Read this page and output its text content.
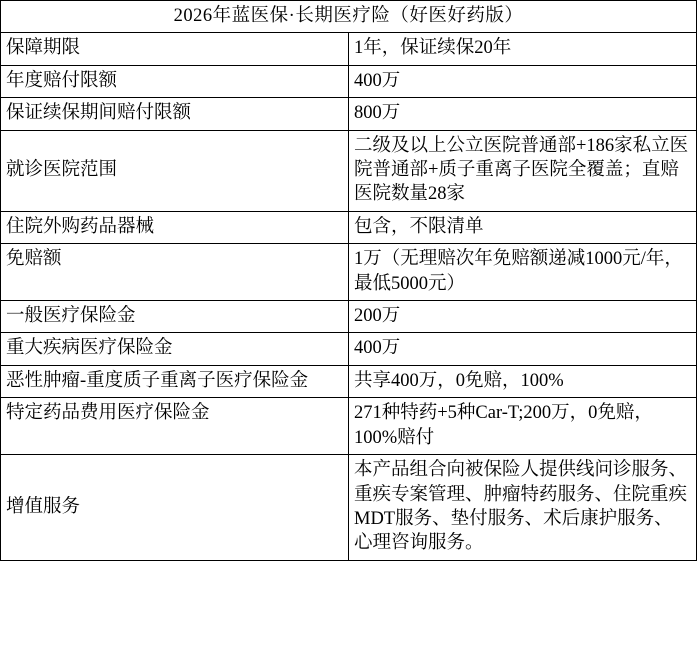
2026年蓝医保·长期医疗险（好医好药版）	
保障期限	1年，保证续保20年
年度赔付限额	400万
保证续保期间赔付限额	800万
就诊医院范围	二级及以上公立医院普通部+186家私立医院普通部+质子重离子医院全覆盖；直赔医院数量28家
住院外购药品器械	包含，不限清单
免赔额	1万（无理赔次年免赔额递减1000元/年，最低5000元）
一般医疗保险金	200万
重大疾病医疗保险金	400万
恶性肿瘤-重度质子重离子医疗保险金	共享400万，0免赔，100%
特定药品费用医疗保险金	271种特药+5种Car-T;200万，0免赔，100%赔付
增值服务	本产品组合向被保险人提供线问诊服务、重疾专案管理、肿瘤特药服务、住院重疾MDT服务、垫付服务、术后康护服务、心理咨询服务。
